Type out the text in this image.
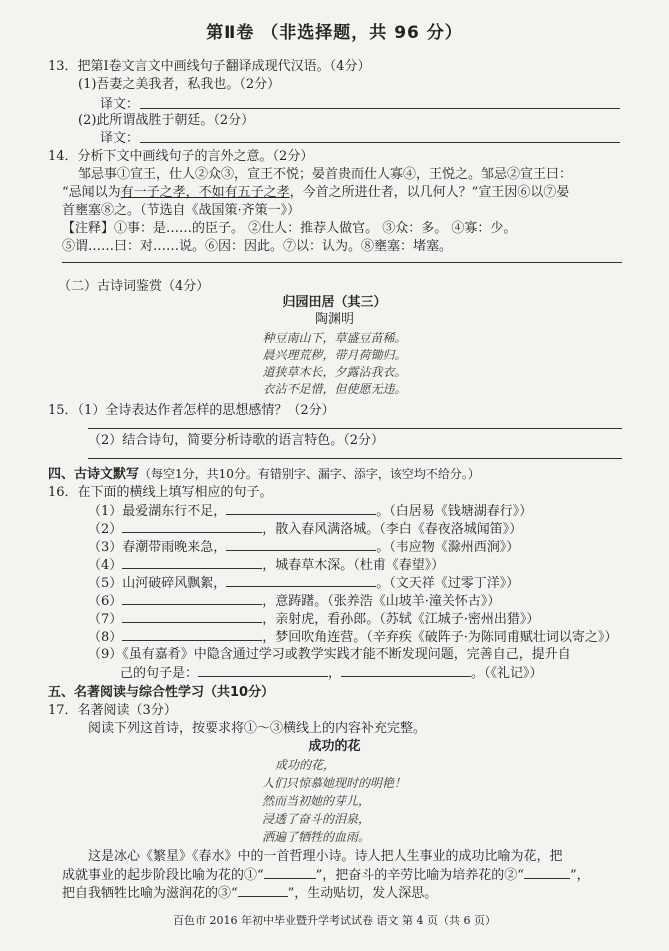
第Ⅱ卷 （非选择题，共 96 分）
13．把第Ⅰ卷文言文中画线句子翻译成现代汉语。（4分）
(1)吾妻之美我者，私我也。（2分）
译文：
(2)此所谓战胜于朝廷。（2分）
译文：
14．分析下文中画线句子的言外之意。（2分）
邹忌事①宣王，仕人②众③，宣王不悦；晏首贵而仕人寡④，王悦之。邹忌②宣王曰：
“忌闻以为有一子之孝，不如有五子之孝，今首之所进仕者，以几何人？”宣王因⑥以⑦晏
首壅塞⑧之。（节选自《战国策·齐策一》）
【注释】①事：是……的臣子。 ②仕人：推荐人做官。 ③众：多。 ④寡：少。
⑤谓……曰：对……说。⑥因：因此。⑦以：认为。⑧壅塞：堵塞。
（二）古诗词鉴赏（4分）
归园田居（其三）
陶渊明
种豆南山下，草盛豆苗稀。
晨兴理荒秽，带月荷锄归。
道狭草木长，夕露沾我衣。
衣沾不足惜，但使愿无违。
15．（1）全诗表达作者怎样的思想感情？（2分）
（2）结合诗句，简要分析诗歌的语言特色。（2分）
四、古诗文默写（每空1分，共10分。有错别字、漏字、添字，该空均不给分。）
16．在下面的横线上填写相应的句子。
（1）最爱湖东行不足，	。（白居易《钱塘湖春行》）
（2）	，散入春风满洛城。（李白《春夜洛城闻笛》）
（3）春潮带雨晚来急，	。（韦应物《滁州西涧》）
（4）	，城春草木深。（杜甫《春望》）
（5）山河破碎风飘絮，	。（文天祥《过零丁洋》）
（6）	，意踌躇。（张养浩《山坡羊·潼关怀古》）
（7）	，亲射虎，看孙郎。（苏轼《江城子·密州出猎》）
（8）	，梦回吹角连营。（辛弃疾《破阵子·为陈同甫赋壮词以寄之》）
（9）《虽有嘉肴》中隐含通过学习或教学实践才能不断发现问题，完善自己，提升自
己的句子是：	，	。（《礼记》）
五、名著阅读与综合性学习（共10分）
17．名著阅读（3分）
阅读下列这首诗，按要求将①～③横线上的内容补充完整。
成功的花
成功的花，
人们只惊慕她现时的明艳！
然而当初她的芽儿，
浸透了奋斗的泪泉，
洒遍了牺牲的血雨。
这是冰心《繁星》《春水》中的一首哲理小诗。诗人把人生事业的成功比喻为花，把
成就事业的起步阶段比喻为花的①“	”，把奋斗的辛劳比喻为培养花的②“	”，
把自我牺牲比喻为滋润花的③“	”，生动贴切，发人深思。
百色市 2016 年初中毕业暨升学考试试卷 语文 第 4 页（共 6 页）
